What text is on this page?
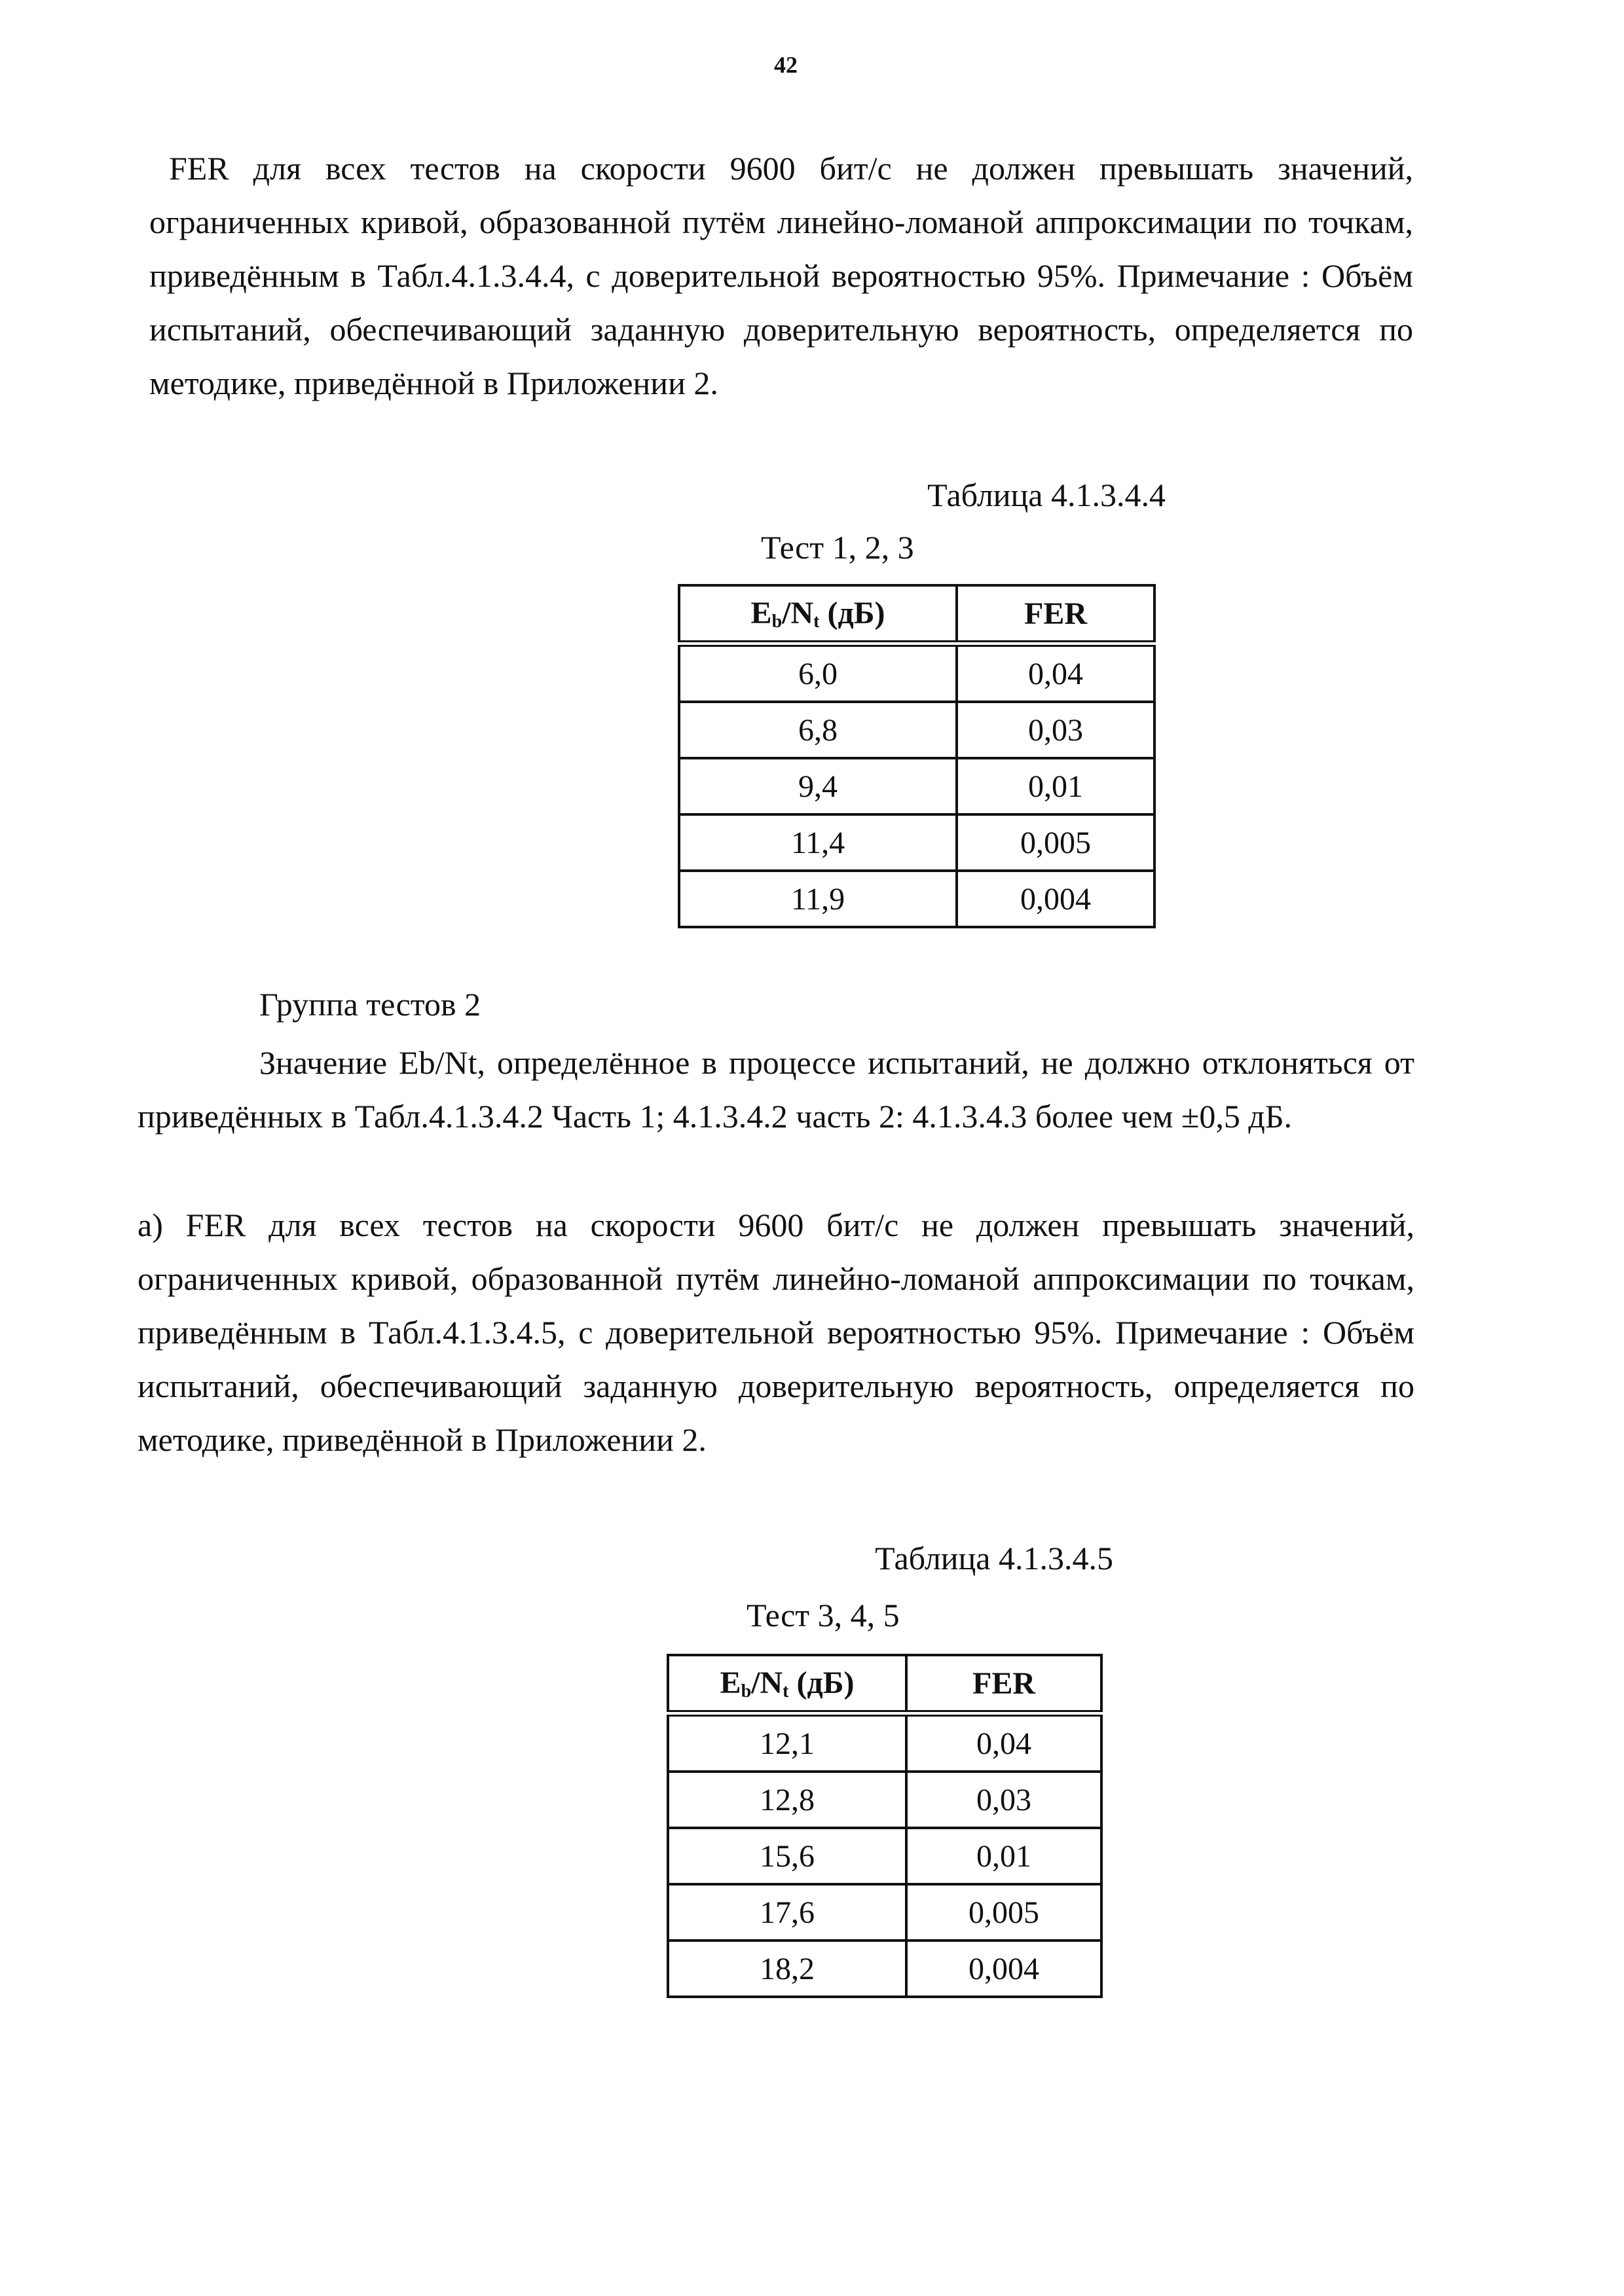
42

FER для всех тестов на скорости 9600 бит/с не должен превышать значений, ограниченных кривой, образованной путём линейно-ломаной аппроксимации по точкам, приведённым в Табл.4.1.3.4.4, с доверительной вероятностью 95%. Примечание : Объём испытаний, обеспечивающий заданную доверительную вероятность, определяется по методике, приведённой в Приложении 2.

Таблица 4.1.3.4.4
Тест 1, 2, 3
$E_b/N_t$ (дБ)	FER
6,0	0,04
6,8	0,03
9,4	0,01
11,4	0,005
11,9	0,004
Группа тестов 2

Значение Eb/Nt, определённое в процессе испытаний, не должно отклоняться от приведённых в Табл.4.1.3.4.2 Часть 1; 4.1.3.4.2 часть 2: 4.1.3.4.3 более чем ±0,5 дБ.

а) FER для всех тестов на скорости 9600 бит/с не должен превышать значений, ограниченных кривой, образованной путём линейно-ломаной аппроксимации по точкам, приведённым в Табл.4.1.3.4.5, с доверительной вероятностью 95%. Примечание : Объём испытаний, обеспечивающий заданную доверительную вероятность, определяется по методике, приведённой в Приложении 2.

Таблица 4.1.3.4.5
Тест 3, 4, 5
$E_b/N_t$ (дБ)	FER
12,1	0,04
12,8	0,03
15,6	0,01
17,6	0,005
18,2	0,004
